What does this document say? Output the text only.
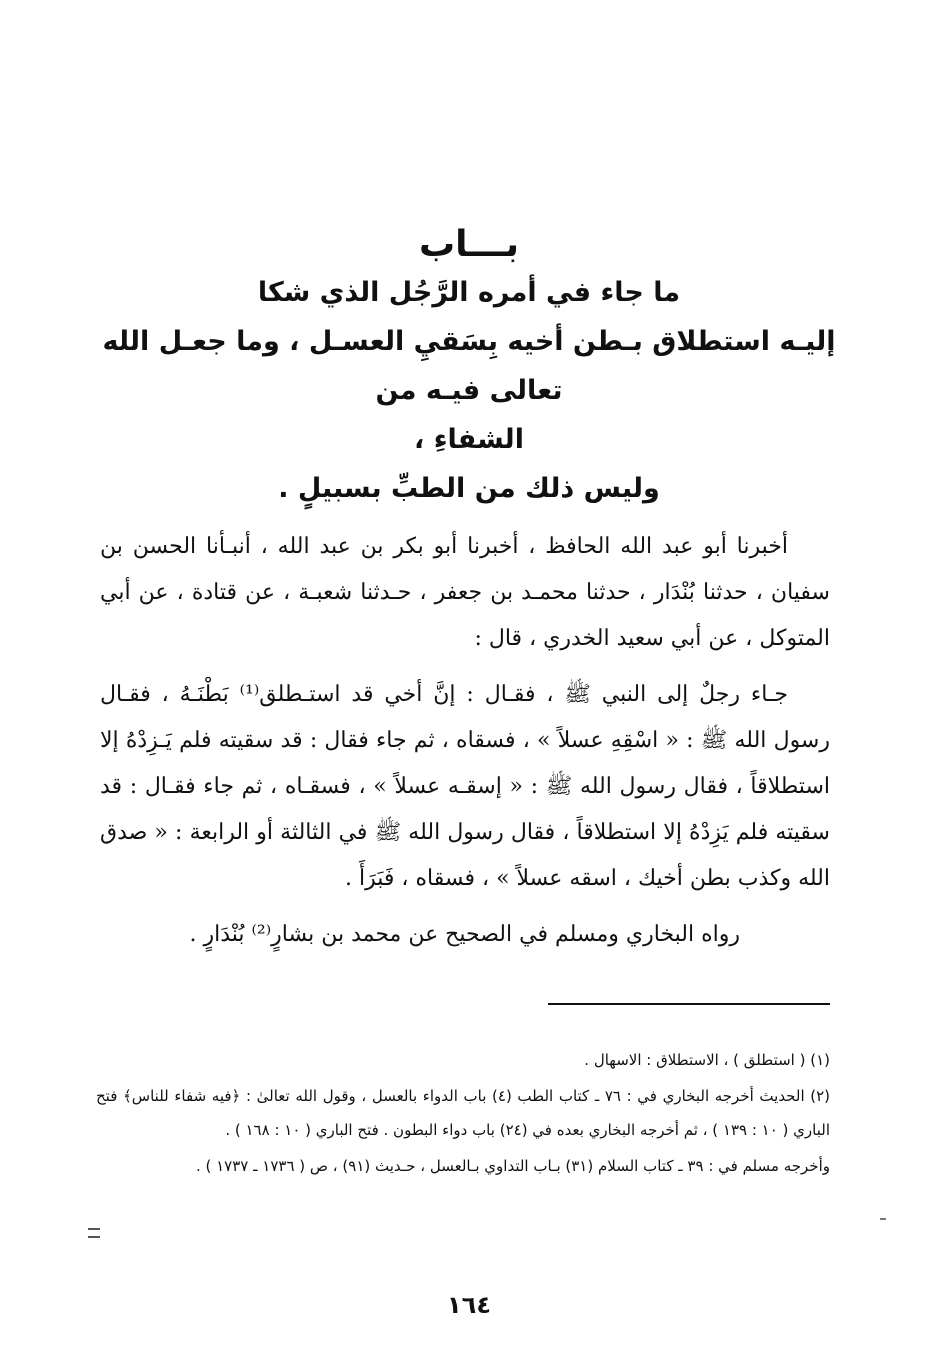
بـــاب

ما جاء في أمره الرَّجُل الذي شكا

إليـه استطلاق بـطن أخيه بِسَقيِ العسـل ، وما جعـل الله تعالى فيـه من

الشفاءِ ،

وليس ذلك من الطبِّ بسبيلٍ .

أخبرنا أبو عبد الله الحافظ ، أخبرنا أبو بكر بن عبد الله ، أنبـأنا الحسن بن سفيان ، حدثنا بُنْدَار ، حدثنا محمـد بن جعفر ، حـدثنا شعبـة ، عن قتادة ، عن أبي المتوكل ، عن أبي سعيد الخدري ، قال :

جـاء رجلٌ إلى النبي ﷺ ، فقـال : إنَّ أخي قد استـطلق⁽¹⁾ بَطْنَـهُ ، فقـال رسول الله ﷺ : « اسْقِهِ عسلاً » ، فسقاه ، ثم جاء فقال : قد سقيته فلم يَـزِدْهُ إلا استطلاقاً ، فقال رسول الله ﷺ : « إسقـه عسلاً » ، فسقـاه ، ثم جاء فقـال : قد سقيته فلم يَزِدْهُ إلا استطلاقاً ، فقال رسول الله ﷺ في الثالثة أو الرابعة : « صدق الله وكذب بطن أخيك ، اسقه عسلاً » ، فسقاه ، فَبَرَأَ .

رواه البخاري ومسلم في الصحيح عن محمد بن بشارٍ⁽²⁾ بُنْدَارٍ .

(١) ( استطلق ) ، الاستطلاق : الاسهال .

(٢) الحديث أخرجه البخاري في : ٧٦ ـ كتاب الطب (٤) باب الدواء بالعسل ، وقول الله تعالىٰ : ﴿فيه شفاء للناس﴾ فتح الباري ( ١٠ : ١٣٩ ) ، ثم أخرجه البخاري بعده في (٢٤) باب دواء البطون . فتح الباري ( ١٠ : ١٦٨ ) .

وأخرجه مسلم في : ٣٩ ـ كتاب السلام (٣١) بـاب التداوي بـالعسل ، حـديث (٩١) ، ص ( ١٧٣٦ ـ ١٧٣٧ ) .

١٦٤
